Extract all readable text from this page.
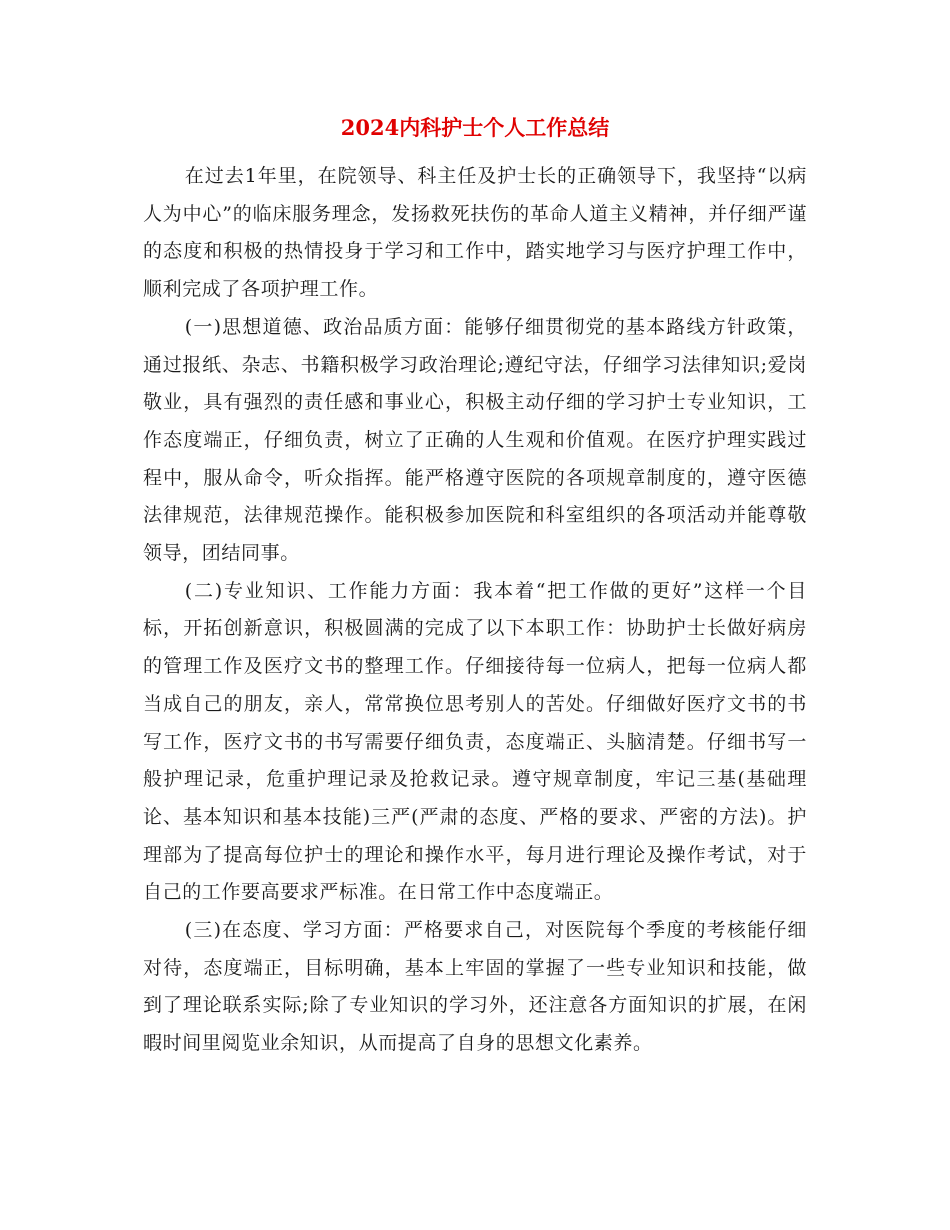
2024内科护士个人工作总结

在过去1年里，在院领导、科主任及护士长的正确领导下，我坚持“以病人为中心”的临床服务理念，发扬救死扶伤的革命人道主义精神，并仔细严谨的态度和积极的热情投身于学习和工作中，踏实地学习与医疗护理工作中，顺利完成了各项护理工作。

(一)思想道德、政治品质方面：能够仔细贯彻党的基本路线方针政策，通过报纸、杂志、书籍积极学习政治理论;遵纪守法，仔细学习法律知识;爱岗敬业，具有强烈的责任感和事业心，积极主动仔细的学习护士专业知识，工作态度端正，仔细负责，树立了正确的人生观和价值观。在医疗护理实践过程中，服从命令，听众指挥。能严格遵守医院的各项规章制度的，遵守医德法律规范，法律规范操作。能积极参加医院和科室组织的各项活动并能尊敬领导，团结同事。

(二)专业知识、工作能力方面：我本着“把工作做的更好”这样一个目标，开拓创新意识，积极圆满的完成了以下本职工作：协助护士长做好病房的管理工作及医疗文书的整理工作。仔细接待每一位病人，把每一位病人都当成自己的朋友，亲人，常常换位思考别人的苦处。仔细做好医疗文书的书写工作，医疗文书的书写需要仔细负责，态度端正、头脑清楚。仔细书写一般护理记录，危重护理记录及抢救记录。遵守规章制度，牢记三基(基础理论、基本知识和基本技能)三严(严肃的态度、严格的要求、严密的方法)。护理部为了提高每位护士的理论和操作水平，每月进行理论及操作考试，对于自己的工作要高要求严标准。在日常工作中态度端正。

(三)在态度、学习方面：严格要求自己，对医院每个季度的考核能仔细对待，态度端正，目标明确，基本上牢固的掌握了一些专业知识和技能，做到了理论联系实际;除了专业知识的学习外，还注意各方面知识的扩展，在闲暇时间里阅览业余知识，从而提高了自身的思想文化素养。
